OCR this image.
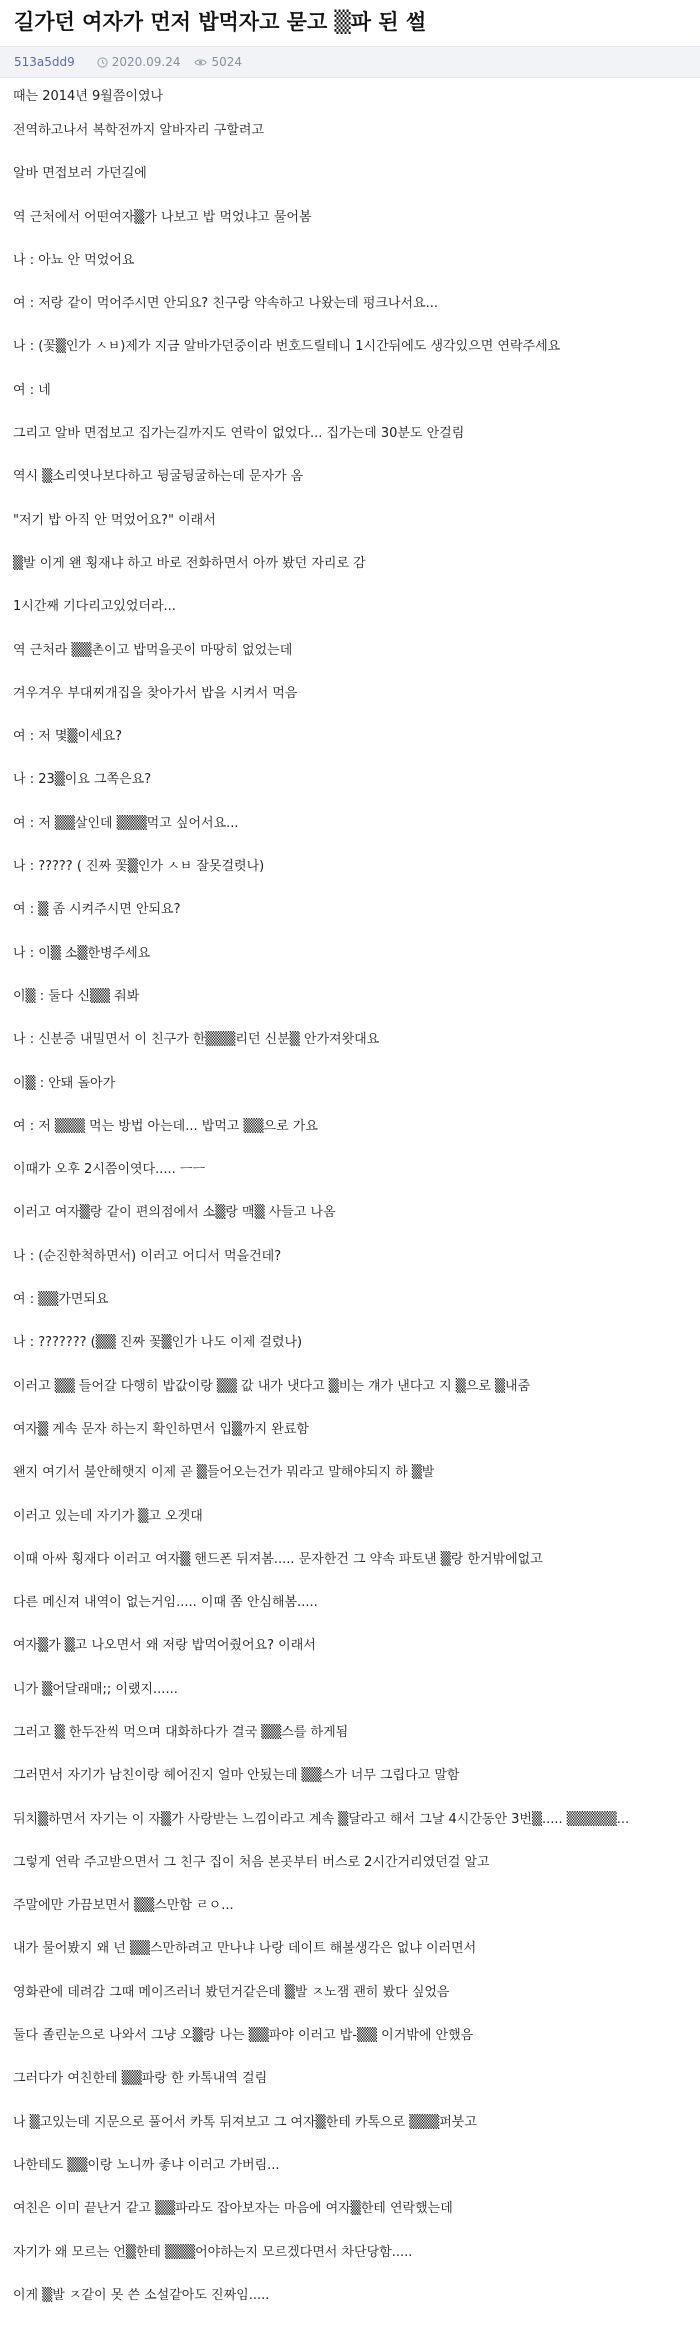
길가던 여자가 먼저 밥먹자고 묻고 ▒파 된 썰
513a5dd9	2020.09.24	5024
때는 2014년 9월쯤이였나
전역하고나서 복학전까지 알바자리 구할려고
알바 면접보러 가던길에
역 근처에서 어떤여자▒가 나보고 밥 먹었냐고 물어봄
나 : 아뇨 안 먹었어요
여 : 저랑 같이 먹어주시면 안되요? 친구랑 약속하고 나왔는데 펑크나서요...
나 : (꽃▒인가 ㅅㅂ)제가 지금 알바가던중이라 번호드릴테니 1시간뒤에도 생각있으면 연락주세요
여 : 네
그리고 알바 면접보고 집가는길까지도 연락이 없었다... 집가는데 30분도 안걸림
역시 ▒소리엿나보다하고 뒹굴뒹굴하는데 문자가 옴
"저기 밥 아직 안 먹었어요?" 이래서
▒발 이게 왠 횡재냐 하고 바로 전화하면서 아까 봤던 자리로 감
1시간째 기다리고있었더라...
역 근처라 ▒▒촌이고 밥먹을곳이 마땅히 없었는데
겨우겨우 부대찌개집을 찾아가서 밥을 시켜서 먹음
여 : 저 몇▒이세요?
나 : 23▒이요 그쪽은요?
여 : 저 ▒▒살인데 ▒▒▒먹고 싶어서요...
나 : ????? ( 진짜 꽃▒인가 ㅅㅂ 잘못걸렷나)
여 : ▒ 좀 시켜주시면 안되요?
나 : 이▒ 소▒한병주세요
이▒ : 둘다 신▒▒ 줘봐
나 : 신분증 내밀면서 이 친구가 한▒▒▒리던 신분▒ 안가져왓대요
이▒ : 안돼 돌아가
여 : 저 ▒▒▒ 먹는 방법 아는데... 밥먹고 ▒▒으로 가요
이때가 오후 2시쯤이엿다..... ㅡㅡ
이러고 여자▒랑 같이 편의점에서 소▒랑 맥▒ 사들고 나옴
나 : (순진한척하면서) 이러고 어디서 먹을건데?
여 : ▒▒가면되요
나 : ??????? (▒▒ 진짜 꽃▒인가 나도 이제 걸렸나)
이러고 ▒▒ 들어갈 다행히 밥값이랑 ▒▒ 값 내가 냇다고 ▒비는 걔가 낸다고 지 ▒으로 ▒내줌
여자▒ 계속 문자 하는지 확인하면서 입▒까지 완료함
왠지 여기서 불안해햇지 이제 곧 ▒들어오는건가 뭐라고 말해야되지 하 ▒발
이러고 있는데 자기가 ▒고 오겟대
이때 아싸 횡재다 이러고 여자▒ 핸드폰 뒤져봄..... 문자한건 그 약속 파토낸 ▒랑 한거밖에없고
다른 메신져 내역이 없는거임..... 이때 쫌 안심해봄.....
여자▒가 ▒고 나오면서 왜 저랑 밥먹어줬어요? 이래서
니가 ▒어달래매;; 이랬지......
그러고 ▒ 한두잔씩 먹으며 대화하다가 결국 ▒▒스를 하게됨
그러면서 자기가 남친이랑 헤어진지 얼마 안됬는데 ▒▒스가 너무 그립다고 말함
뒤치▒하면서 자기는 이 자▒가 사랑받는 느낌이라고 계속 ▒달라고 해서 그날 4시간동안 3번▒..... ▒▒▒▒▒...
그렇게 연락 주고받으면서 그 친구 집이 처음 본곳부터 버스로 2시간거리였던걸 알고
주말에만 가끔보면서 ▒▒스만함 ㄹㅇ...
내가 물어봤지 왜 넌 ▒▒스만하려고 만나냐 나랑 데이트 해볼생각은 없냐 이러면서
영화관에 데려감 그때 메이즈러너 봤던거같은데 ▒발 ㅈ노잼 괜히 봤다 싶었음
둘다 졸린눈으로 나와서 그냥 오▒랑 나는 ▒▒파야 이러고 밥-▒▒ 이거밖에 안했음
그러다가 여친한테 ▒▒파랑 한 카톡내역 걸림
나 ▒고있는데 지문으로 풀어서 카톡 뒤져보고 그 여자▒한테 카톡으로 ▒▒▒퍼붓고
나한테도 ▒▒이랑 노니까 좋냐 이러고 가버림...
여친은 이미 끝난거 같고 ▒▒파라도 잡아보자는 마음에 여자▒한테 연락했는데
자기가 왜 모르는 언▒한테 ▒▒▒어야하는지 모르겠다면서 차단당함.....
이게 ▒발 ㅈ같이 못 쓴 소설같아도 진짜임.....
